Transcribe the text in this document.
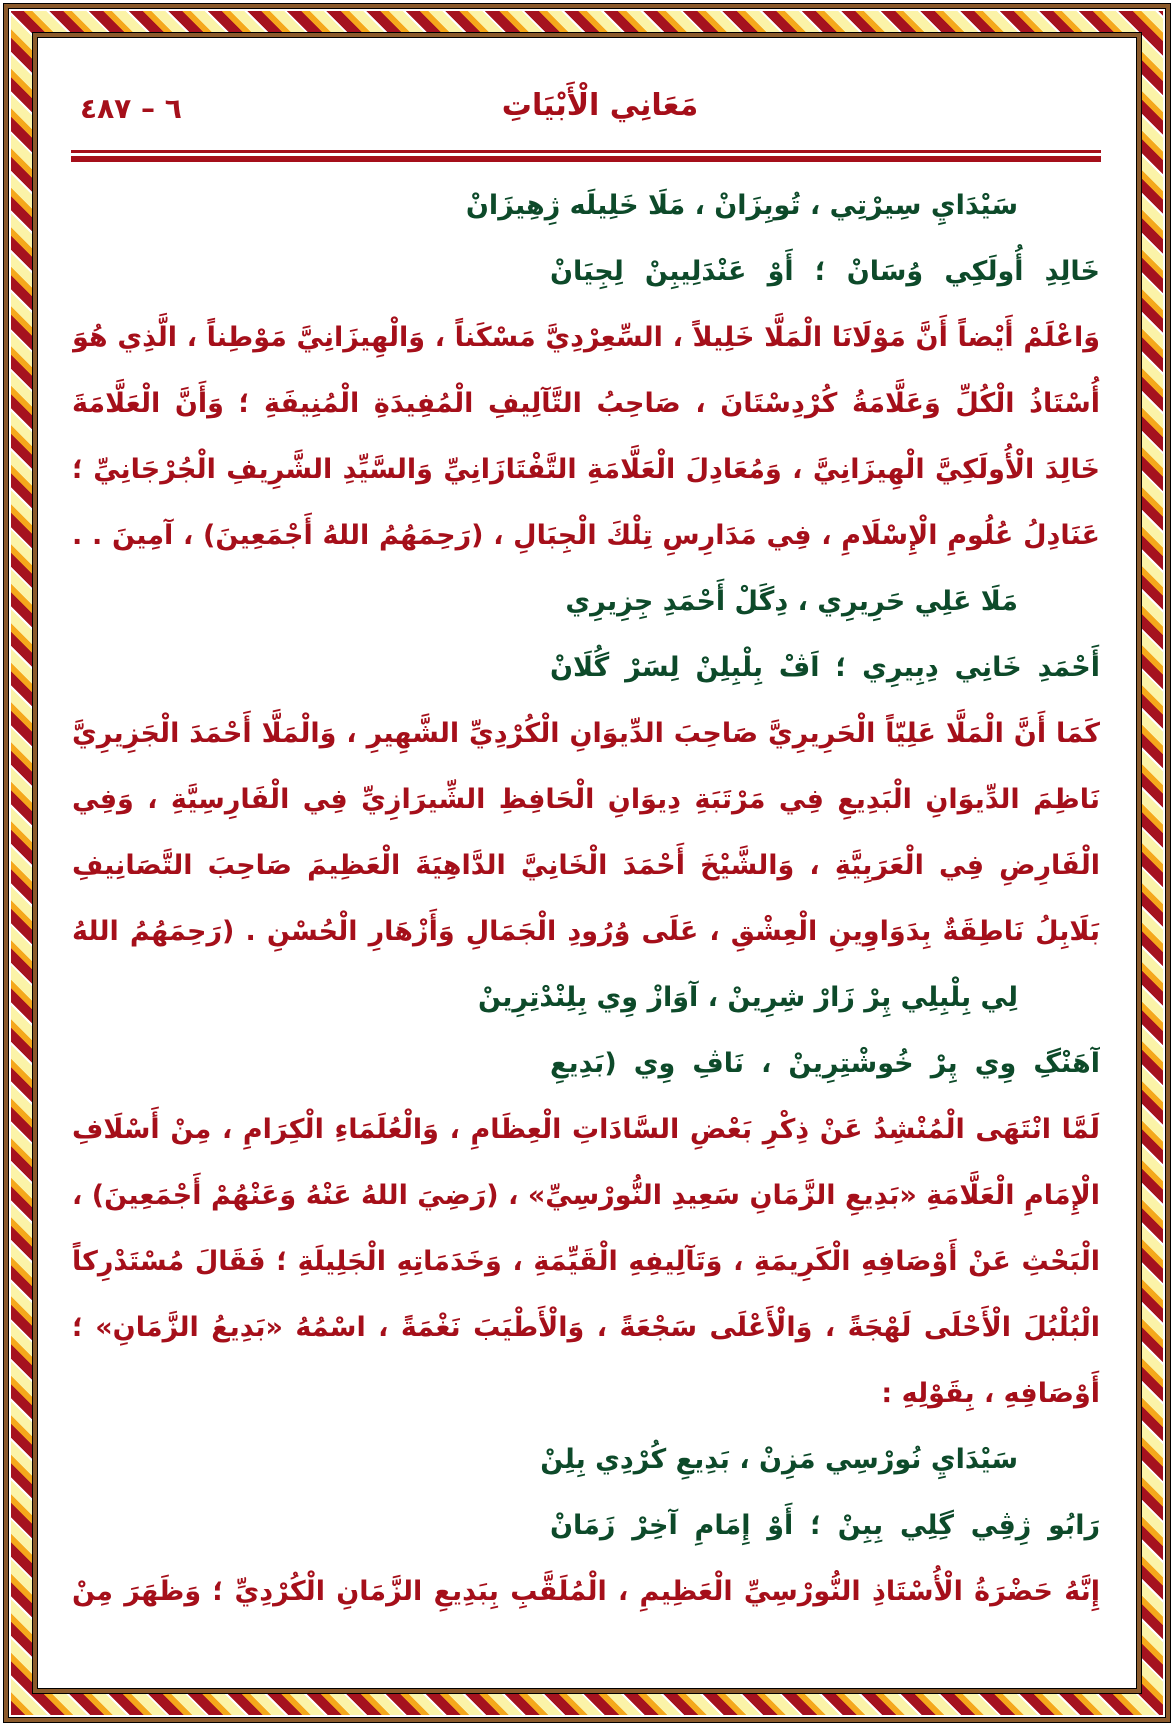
مَعَانِي الْأَبْيَاتِ
٦ – ٤٨٧
سَيْدَايِ سِيرْتِي ، تُوبِزَانْ ، مَلَا خَلِيلَه ژِهِيزَانْ
خَالِدِ أُولَكِي وُسَانْ ؛ أَوْ عَنْدَلِيبِنْ لِجِيَانْ
وَاعْلَمْ أَيْضاً أَنَّ مَوْلَانَا الْمَلَّا خَلِيلاً ، السِّعِرْدِيَّ مَسْكَناً ، وَالْهِيزَانِيَّ مَوْطِناً ، الَّذِي هُوَ
أُسْتَاذُ الْكُلِّ وَعَلَّامَةُ كُرْدِسْتَانَ ، صَاحِبُ التَّآلِيفِ الْمُفِيدَةِ الْمُنِيفَةِ ؛ وَأَنَّ الْعَلَّامَةَ
خَالِدَ الْأُولَكِيَّ الْهِيزَانِيَّ ، وَمُعَادِلَ الْعَلَّامَةِ التَّفْتَازَانِيِّ وَالسَّيِّدِ الشَّرِيفِ الْجُرْجَانِيِّ ؛
عَنَادِلُ عُلُومِ الْإِسْلَامِ ، فِي مَدَارِسِ تِلْكَ الْجِبَالِ ، (رَحِمَهُمُ اللهُ أَجْمَعِينَ) ، آمِينَ . .
مَلَا عَلِي حَرِيرِي ، دِگَلْ أَحْمَدِ جِزِيرِي
أَحْمَدِ خَانِي دِبِيرِي ؛ اَڤْ بِلْبِلِنْ لِسَرْ گُلَانْ
كَمَا أَنَّ الْمَلَّا عَلِيّاً الْحَرِيرِيَّ صَاحِبَ الدِّيوَانِ الْكُرْدِيِّ الشَّهِيرِ ، وَالْمَلَّا أَحْمَدَ الْجَزِيرِيَّ
نَاظِمَ الدِّيوَانِ الْبَدِيعِ فِي مَرْتَبَةِ دِيوَانِ الْحَافِظِ الشِّيرَازِيِّ فِي الْفَارِسِيَّةِ ، وَفِي
الْفَارِضِ فِي الْعَرَبِيَّةِ ، وَالشَّيْخَ أَحْمَدَ الْخَانِيَّ الدَّاهِيَةَ الْعَظِيمَ صَاحِبَ التَّصَانِيفِ
بَلَابِلُ نَاطِقَةٌ بِدَوَاوِينِ الْعِشْقِ ، عَلَى وُرُودِ الْجَمَالِ وَأَزْهَارِ الْحُسْنِ . (رَحِمَهُمُ اللهُ
لِي بِلْبِلِي پِرْ زَارْ شِرِينْ ، آوَازْ وِي بِلِنْدْتِرِينْ
آهَنْگِ وِي پِرْ خُوشْتِرِينْ ، نَاڤِ وِي (بَدِيعِ
لَمَّا انْتَهَى الْمُنْشِدُ عَنْ ذِكْرِ بَعْضِ السَّادَاتِ الْعِظَامِ ، وَالْعُلَمَاءِ الْكِرَامِ ، مِنْ أَسْلَافِ
الْإِمَامِ الْعَلَّامَةِ «بَدِيعِ الزَّمَانِ سَعِيدِ النُّورْسِيِّ» ، (رَضِيَ اللهُ عَنْهُ وَعَنْهُمْ أَجْمَعِينَ) ،
الْبَحْثِ عَنْ أَوْصَافِهِ الْكَرِيمَةِ ، وَتَآلِيفِهِ الْقَيِّمَةِ ، وَخَدَمَاتِهِ الْجَلِيلَةِ ؛ فَقَالَ مُسْتَدْرِكاً
الْبُلْبُلَ الْأَحْلَى لَهْجَةً ، وَالْأَعْلَى سَجْعَةً ، وَالْأَطْيَبَ نَغْمَةً ، اسْمُهُ «بَدِيعُ الزَّمَانِ» ؛
أَوْصَافِهِ ، بِقَوْلِهِ :
سَيْدَايِ نُورْسِي مَزِنْ ، بَدِيعِ كُرْدِي بِلِنْ
رَابُو ژِڤِي گِلِي بِبِنْ ؛ أَوْ إِمَامِ آخِرْ زَمَانْ
إِنَّهُ حَضْرَةُ الْأُسْتَاذِ النُّورْسِيِّ الْعَظِيمِ ، الْمُلَقَّبِ بِبَدِيعِ الزَّمَانِ الْكُرْدِيِّ ؛ وَظَهَرَ مِنْ
